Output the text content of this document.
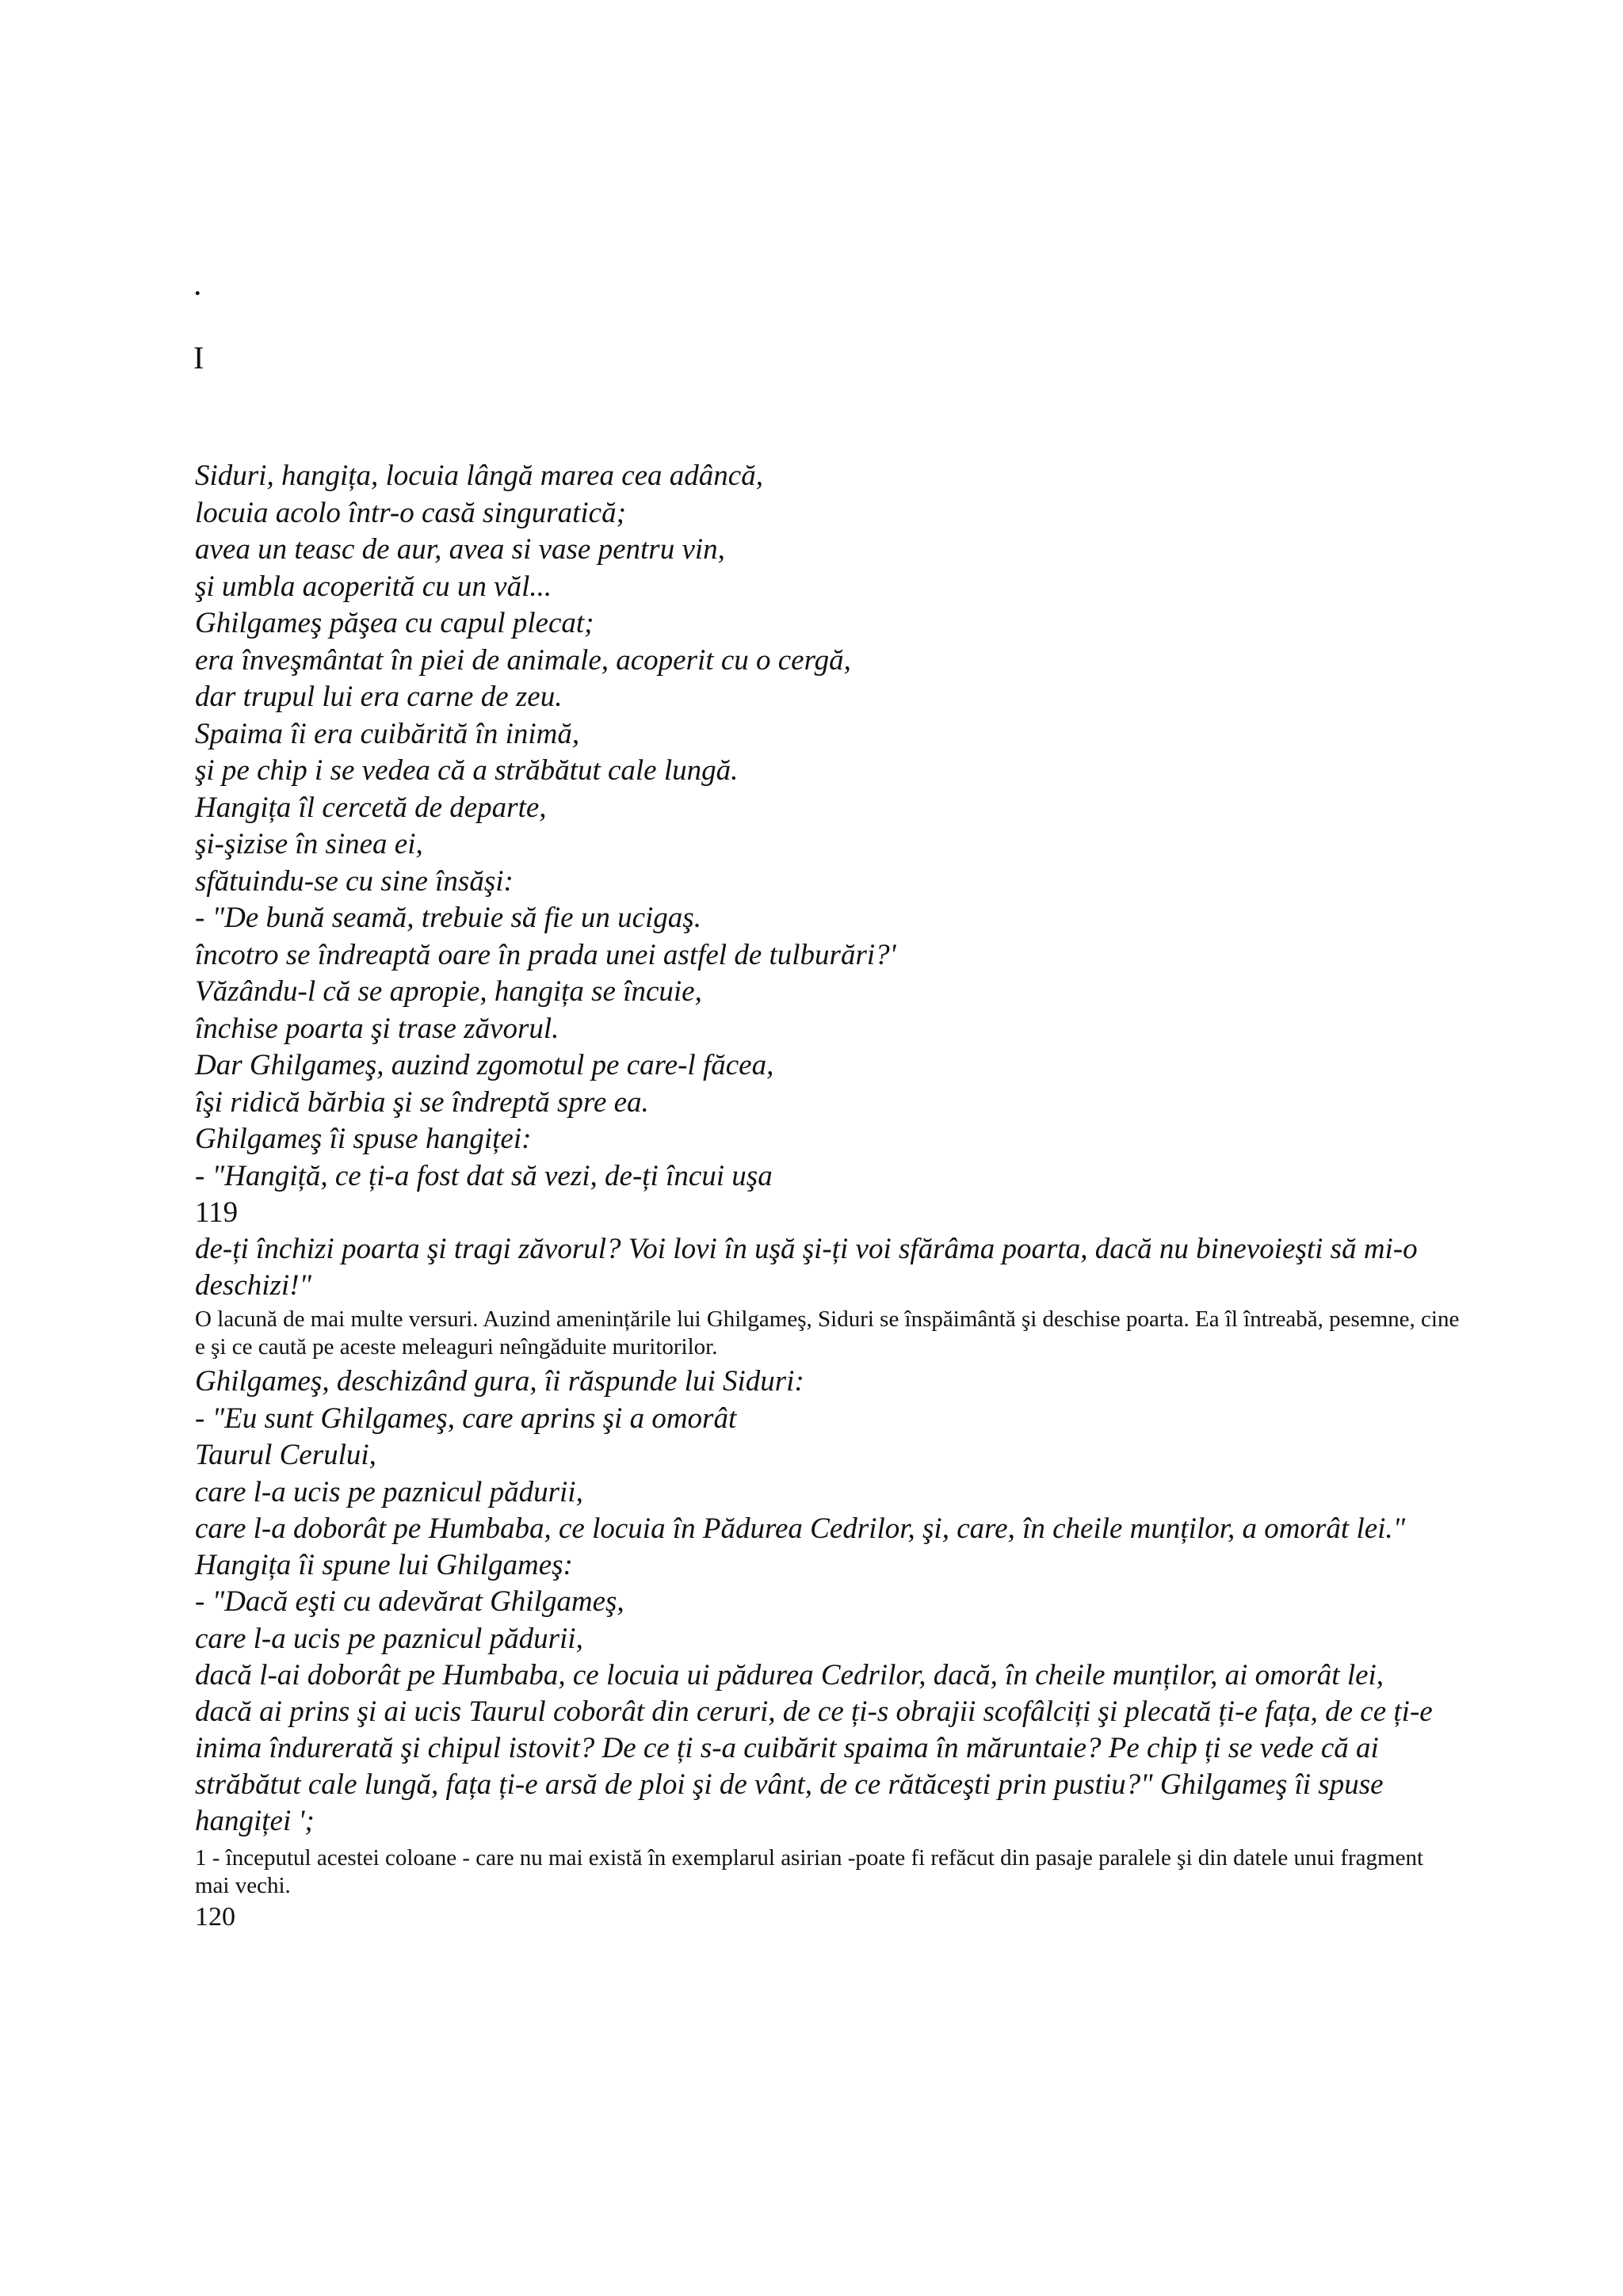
.
I
Siduri, hangița, locuia lângă marea cea adâncă,
locuia acolo într-o casă singuratică;
avea un teasc de aur, avea si vase pentru vin,
şi umbla acoperită cu un văl...
Ghilgameş păşea cu capul plecat;
era înveşmântat în piei de animale, acoperit cu o cergă,
dar trupul lui era carne de zeu.
Spaima îi era cuibărită în inimă,
şi pe chip i se vedea că a străbătut cale lungă.
Hangița îl cercetă de departe,
şi-şizise în sinea ei,
sfătuindu-se cu sine însăşi:
- "De bună seamă, trebuie să fie un ucigaş.
încotro se îndreaptă oare în prada unei astfel de tulburări?'
Văzându-l că se apropie, hangița se încuie,
închise poarta şi trase zăvorul.
Dar Ghilgameş, auzind zgomotul pe care-l făcea,
îşi ridică bărbia şi se îndreptă spre ea.
Ghilgameş îi spuse hangiței:
- "Hangiță, ce ți-a fost dat să vezi, de-ți încui uşa
119
de-ți închizi poarta şi tragi zăvorul? Voi lovi în uşă şi-ți voi sfărâma poarta, dacă nu binevoieşti să mi-o deschizi!"
O lacună de mai multe versuri. Auzind amenințările lui Ghilgameş, Siduri se înspăimântă şi deschise poarta. Ea îl întreabă, pesemne, cine e şi ce caută pe aceste meleaguri neîngăduite muritorilor.
Ghilgameş, deschizând gura, îi răspunde lui Siduri:
- "Eu sunt Ghilgameş, care aprins şi a omorât
Taurul Cerului,
care l-a ucis pe paznicul pădurii,
care l-a doborât pe Humbaba, ce locuia în Pădurea Cedrilor, şi, care, în cheile munților, a omorât lei." Hangița îi spune lui Ghilgameş:
- "Dacă eşti cu adevărat Ghilgameş,
care l-a ucis pe paznicul pădurii,
dacă l-ai doborât pe Humbaba, ce locuia ui pădurea Cedrilor, dacă, în cheile munților, ai omorât lei, dacă ai prins şi ai ucis Taurul coborât din ceruri, de ce ți-s obrajii scofâlciți şi plecată ți-e fața, de ce ți-e inima îndurerată şi chipul istovit? De ce ți s-a cuibărit spaima în măruntaie? Pe chip ți se vede că ai străbătut cale lungă, fața ți-e arsă de ploi şi de vânt, de ce rătăceşti prin pustiu?" Ghilgameş îi spuse hangiței ';
1 - începutul acestei coloane - care nu mai există în exemplarul asirian -poate fi refăcut din pasaje paralele şi din datele unui fragment mai vechi.
120
